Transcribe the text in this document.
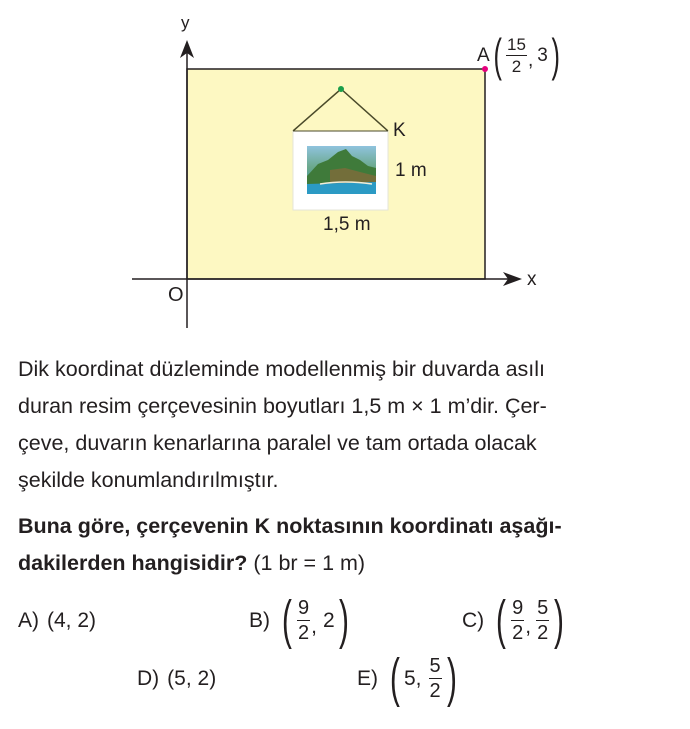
y
x
O
A ( $\frac{15}{2}$ , 3 )
K
1 m
1,5 m
Dik koordinat düzleminde modellenmiş bir duvarda asılı
duran resim çerçevesinin boyutları 1,5 m × 1 m’dir. Çer-
çeve, duvarın kenarlarına paralel ve tam ortada olacak
şekilde konumlandırılmıştır.
Buna göre, çerçevenin K noktasının koordinatı aşağı-
dakilerden hangisidir? (1 br = 1 m)
A) (4, 2)	B) ( $\frac{9}{2}$ , 2 )	C) ( $\frac{9}{2}$ , $\frac{5}{2}$ )
D) (5, 2)	E) ( 5 , $\frac{5}{2}$ )
